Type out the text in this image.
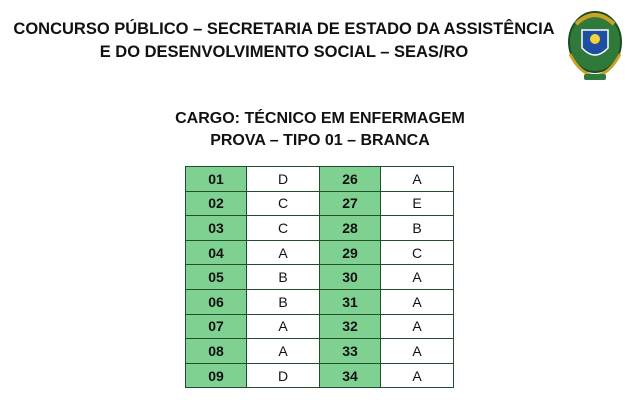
CONCURSO PÚBLICO – SECRETARIA DE ESTADO DA ASSISTÊNCIA
E DO DESENVOLVIMENTO SOCIAL – SEAS/RO
CARGO: TÉCNICO EM ENFERMAGEM
PROVA – TIPO 01 – BRANCA
01	D	26	A
02	C	27	E
03	C	28	B
04	A	29	C
05	B	30	A
06	B	31	A
07	A	32	A
08	A	33	A
09	D	34	A
